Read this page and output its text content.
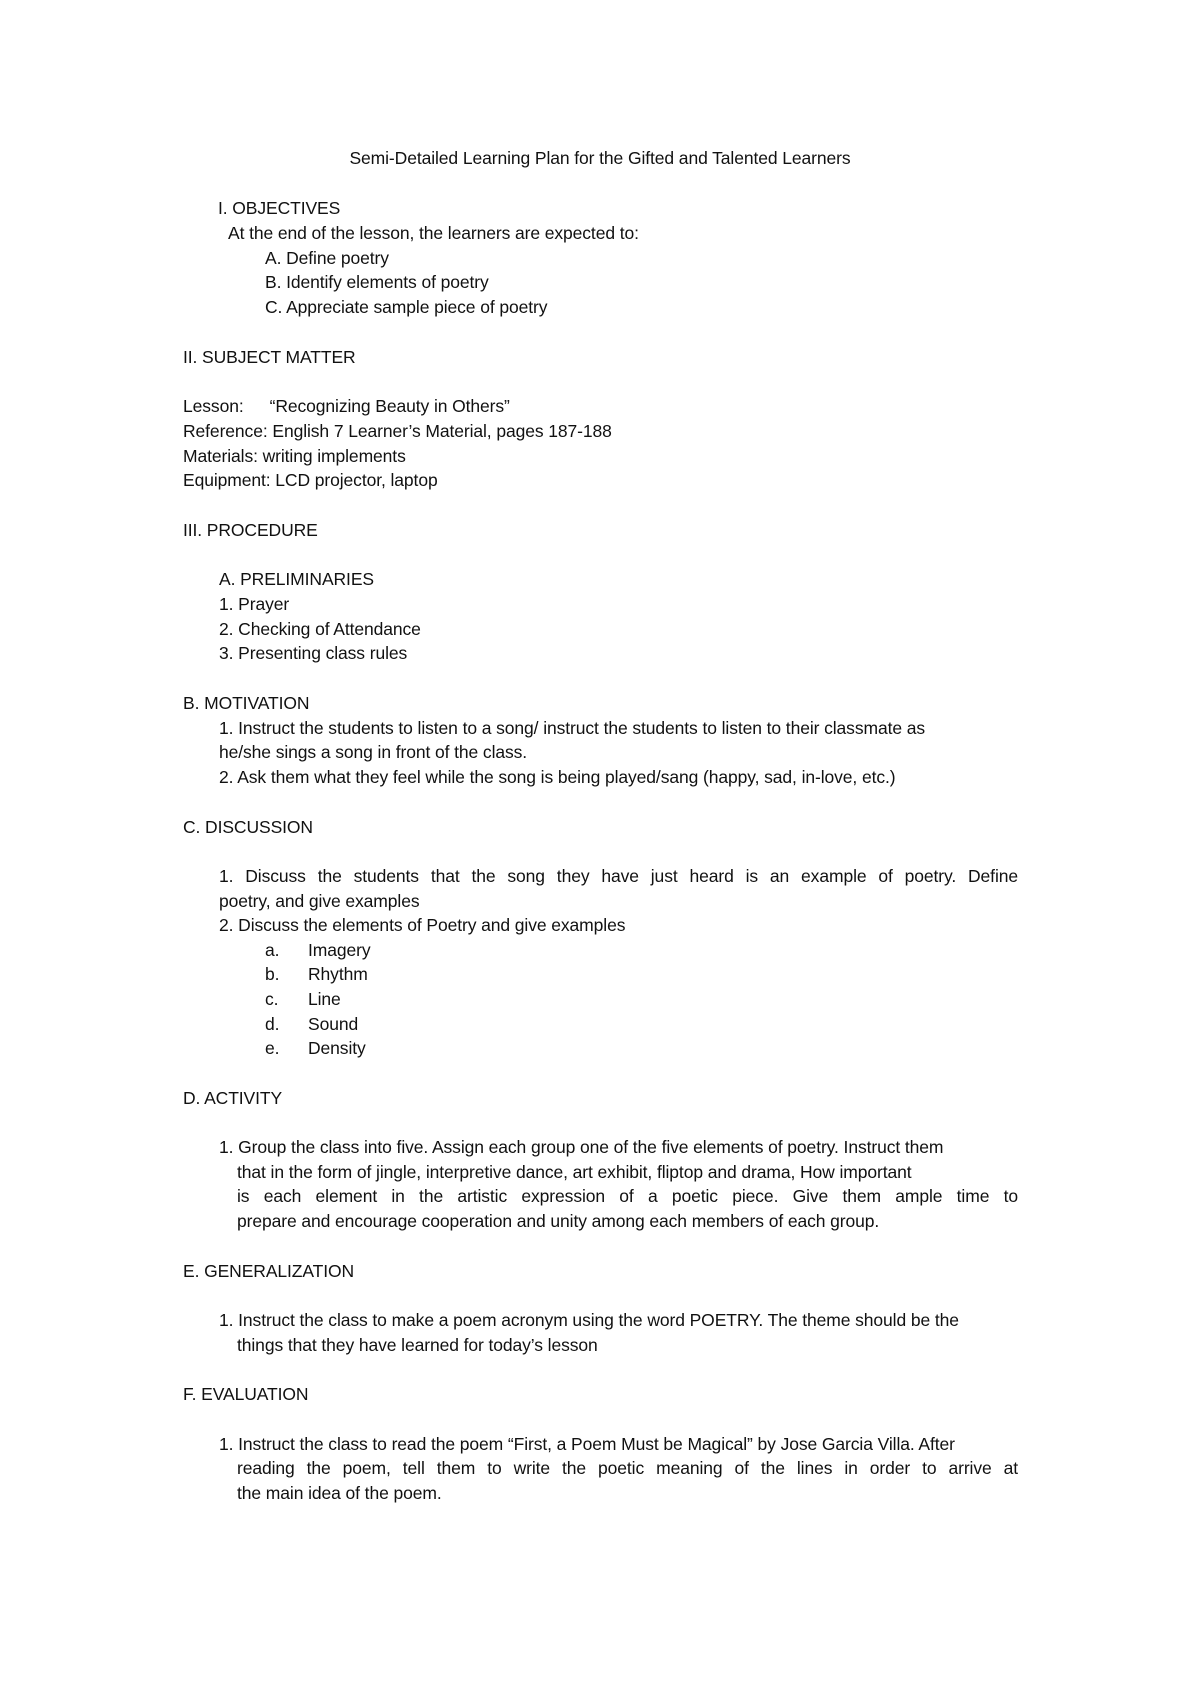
Semi-Detailed Learning Plan for the Gifted and Talented Learners
I. OBJECTIVES
At the end of the lesson, the learners are expected to:
A. Define poetry
B. Identify elements of poetry
C. Appreciate sample piece of poetry
II. SUBJECT MATTER
Lesson: “Recognizing Beauty in Others”
Reference: English 7 Learner’s Material, pages 187-188
Materials: writing implements
Equipment: LCD projector, laptop
III. PROCEDURE
A. PRELIMINARIES
1. Prayer
2. Checking of Attendance
3. Presenting class rules
B. MOTIVATION
1. Instruct the students to listen to a song/ instruct the students to listen to their classmate as
he/she sings a song in front of the class.
2. Ask them what they feel while the song is being played/sang (happy, sad, in-love, etc.)
C. DISCUSSION
1. Discuss the students that the song they have just heard is an example of poetry. Define
poetry, and give examples
2. Discuss the elements of Poetry and give examples
a. Imagery
b. Rhythm
c. Line
d. Sound
e. Density
D. ACTIVITY
1. Group the class into five. Assign each group one of the five elements of poetry. Instruct them
that in the form of jingle, interpretive dance, art exhibit, fliptop and drama, How important
is each element in the artistic expression of a poetic piece. Give them ample time to
prepare and encourage cooperation and unity among each members of each group.
E. GENERALIZATION
1. Instruct the class to make a poem acronym using the word POETRY. The theme should be the
things that they have learned for today’s lesson
F. EVALUATION
1. Instruct the class to read the poem “First, a Poem Must be Magical” by Jose Garcia Villa. After
reading the poem, tell them to write the poetic meaning of the lines in order to arrive at
the main idea of the poem.
